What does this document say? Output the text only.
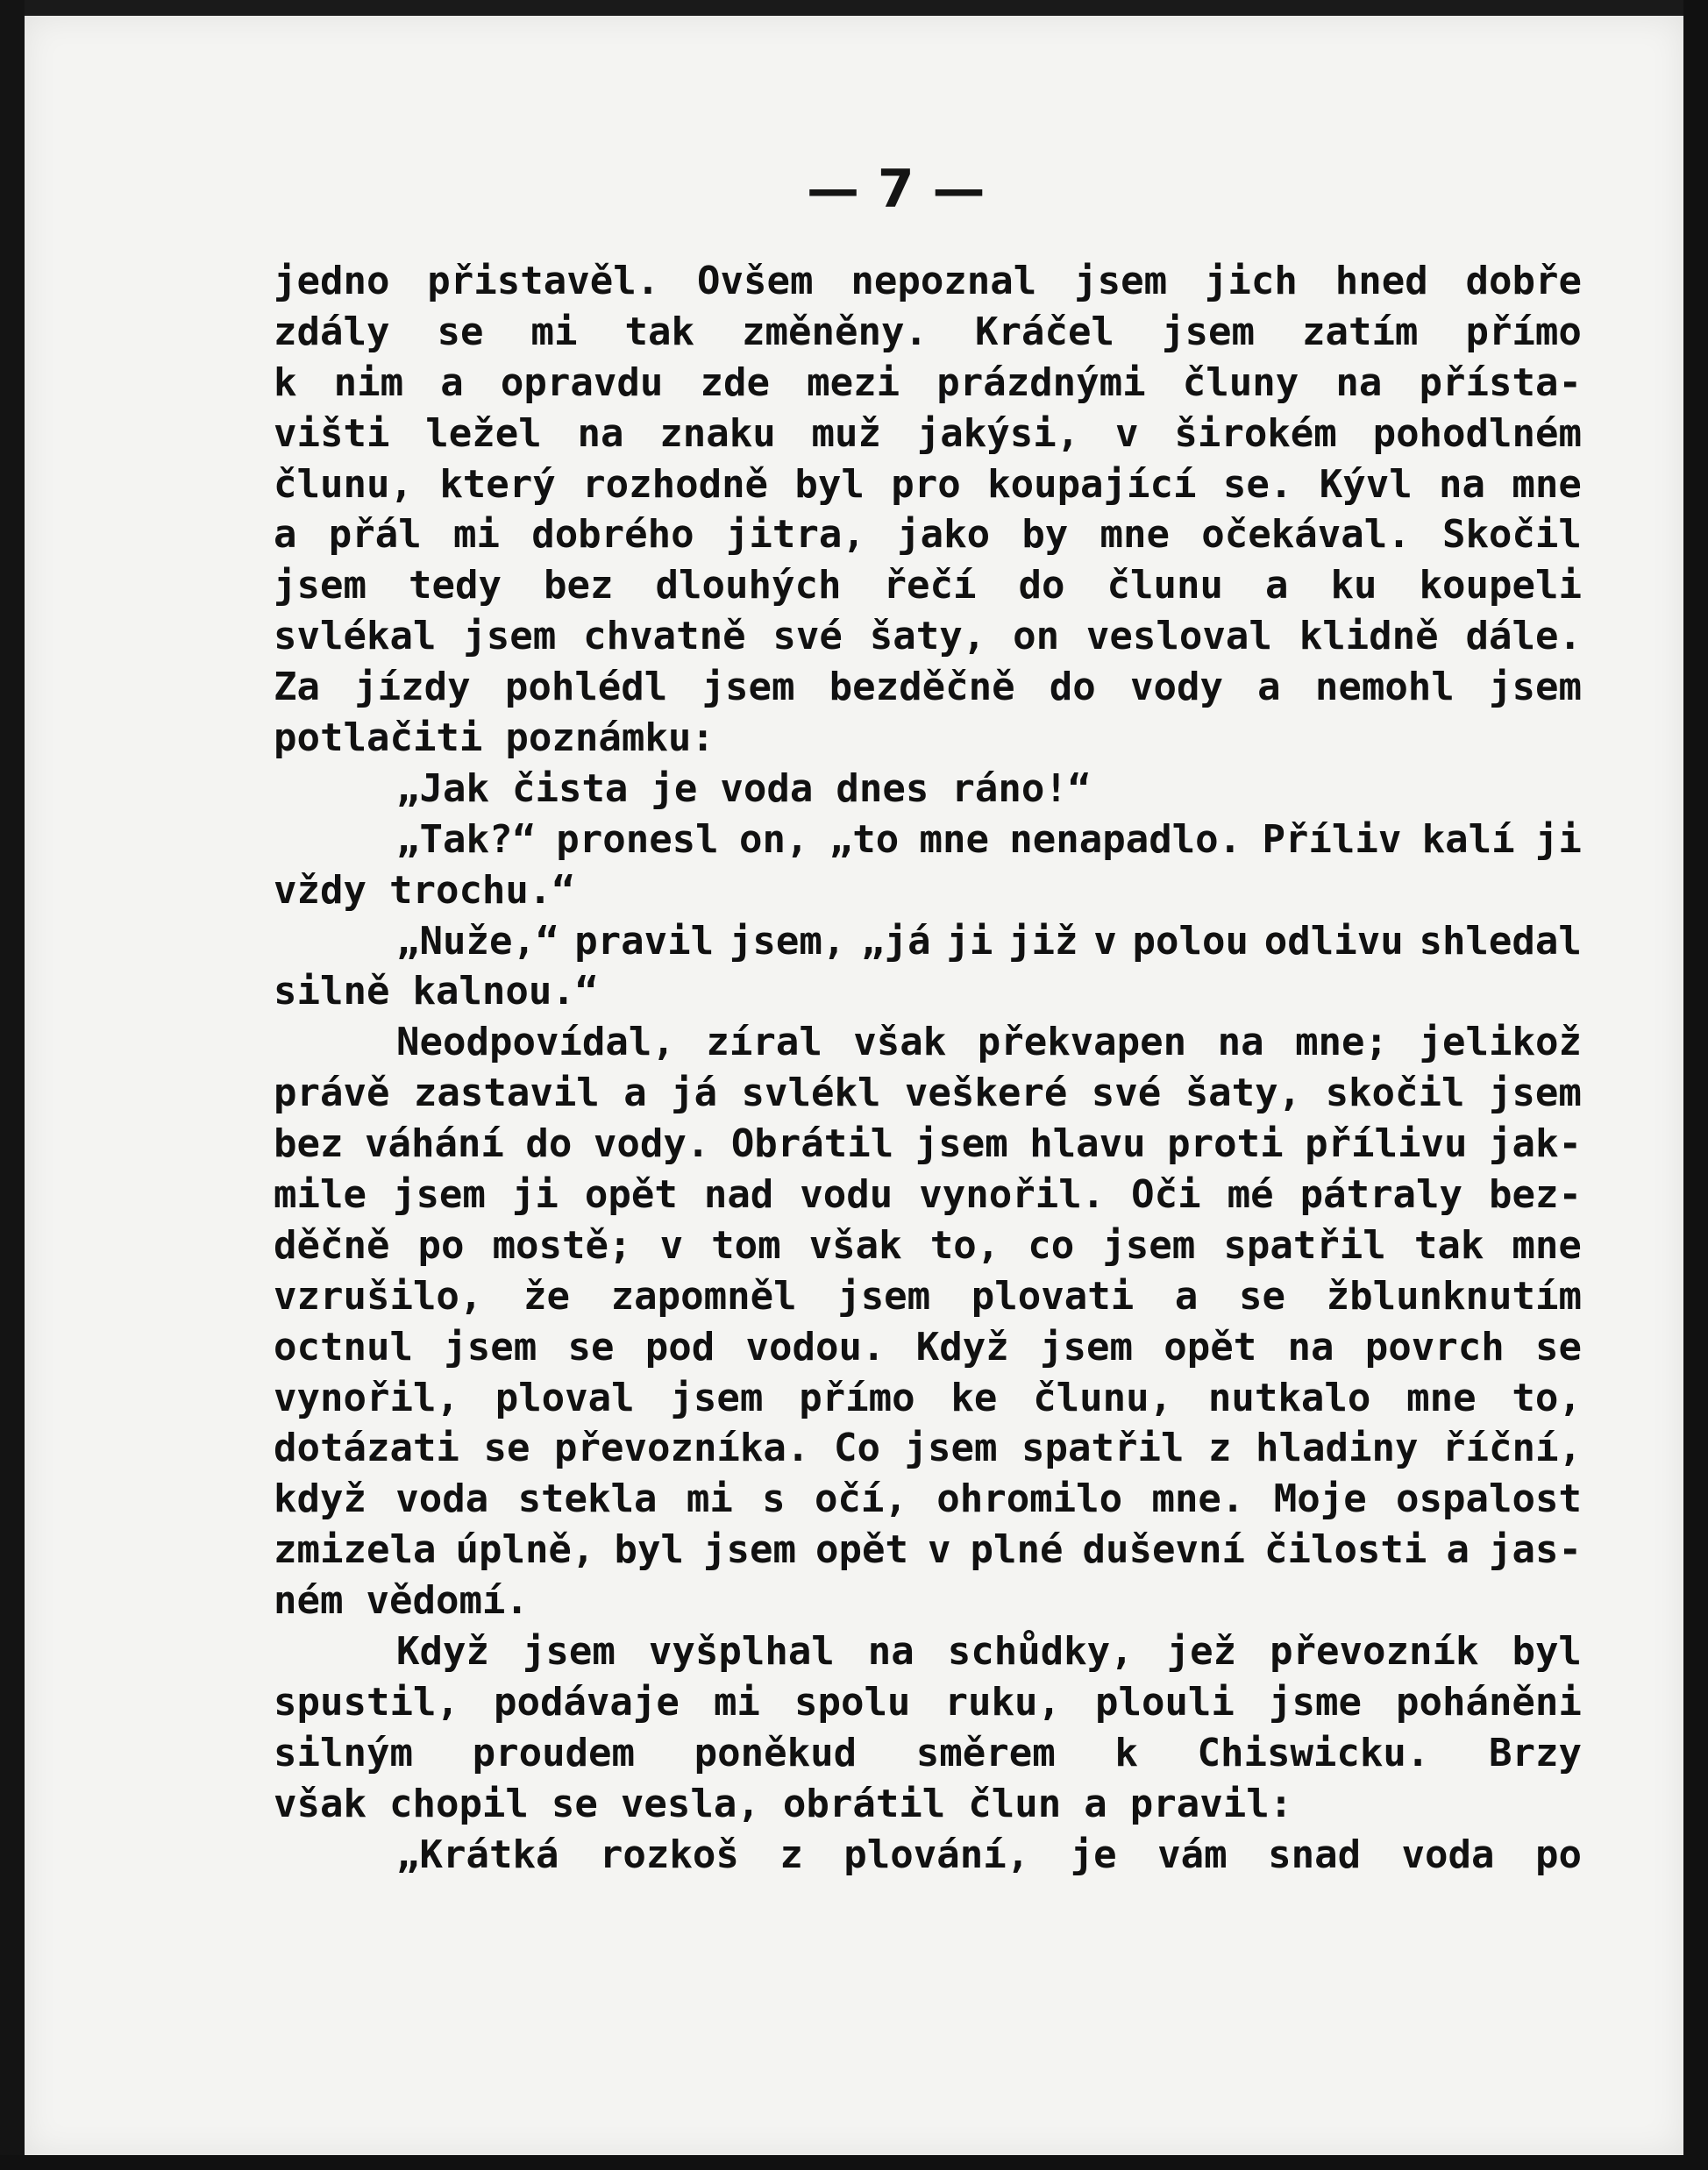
— 7 —
jedno přistavěl. Ovšem nepoznal jsem jich hned dobře
zdály se mi tak změněny. Kráčel jsem zatím přímo
k nim a opravdu zde mezi prázdnými čluny na přísta-
višti ležel na znaku muž jakýsi, v širokém pohodlném
člunu, který rozhodně byl pro koupající se. Kývl na mne
a přál mi dobrého jitra, jako by mne očekával. Skočil
jsem tedy bez dlouhých řečí do člunu a ku koupeli
svlékal jsem chvatně své šaty, on vesloval klidně dále.
Za jízdy pohlédl jsem bezděčně do vody a nemohl jsem
potlačiti poznámku:
„Jak čista je voda dnes ráno!“
„Tak?“ pronesl on, „to mne nenapadlo. Příliv kalí ji
vždy trochu.“
„Nuže,“ pravil jsem, „já ji již v polou odlivu shledal
silně kalnou.“
Neodpovídal, zíral však překvapen na mne; jelikož
právě zastavil a já svlékl veškeré své šaty, skočil jsem
bez váhání do vody. Obrátil jsem hlavu proti přílivu jak-
mile jsem ji opět nad vodu vynořil. Oči mé pátraly bez-
děčně po mostě; v tom však to, co jsem spatřil tak mne
vzrušilo, že zapomněl jsem plovati a se žblunknutím
octnul jsem se pod vodou. Když jsem opět na povrch se
vynořil, ploval jsem přímo ke člunu, nutkalo mne to,
dotázati se převozníka. Co jsem spatřil z hladiny říční,
když voda stekla mi s očí, ohromilo mne. Moje ospalost
zmizela úplně, byl jsem opět v plné duševní čilosti a jas-
ném vědomí.
Když jsem vyšplhal na schůdky, jež převozník byl
spustil, podávaje mi spolu ruku, plouli jsme poháněni
silným proudem poněkud směrem k Chiswicku. Brzy
však chopil se vesla, obrátil člun a pravil:
„Krátká rozkoš z plování, je vám snad voda po
